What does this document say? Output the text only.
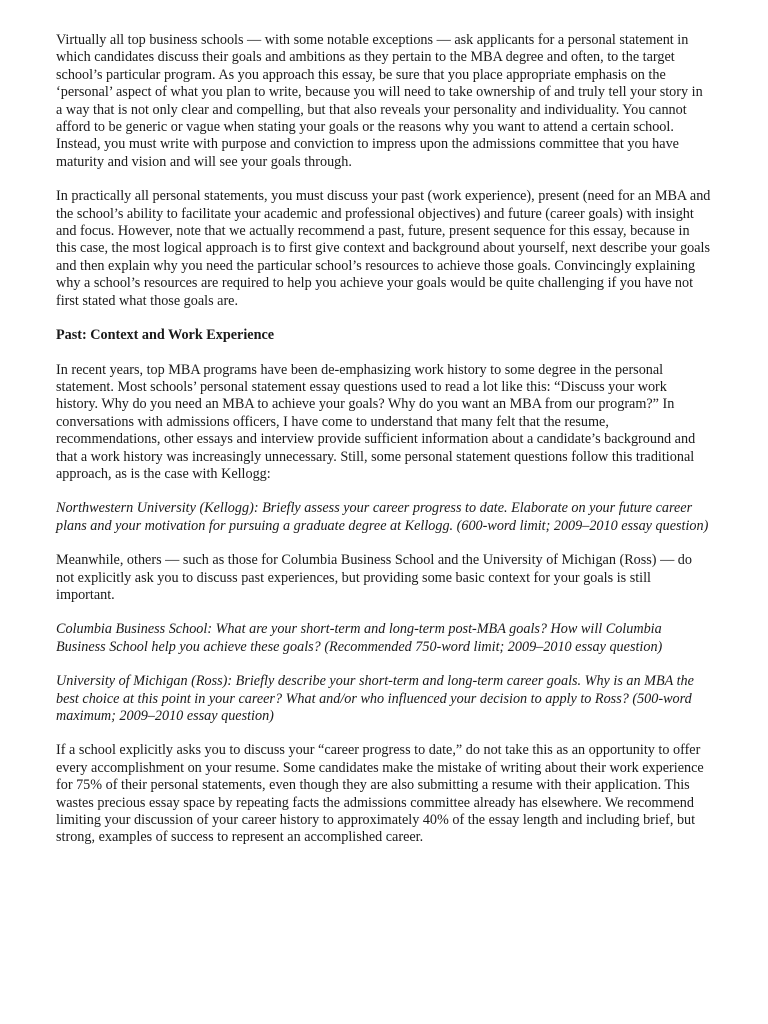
Virtually all top business schools — with some notable exceptions — ask applicants for a personal statement in which candidates discuss their goals and ambitions as they pertain to the MBA degree and often, to the target school’s particular program. As you approach this essay, be sure that you place appropriate emphasis on the ‘personal’ aspect of what you plan to write, because you will need to take ownership of and truly tell your story in a way that is not only clear and compelling, but that also reveals your personality and individuality. You cannot afford to be generic or vague when stating your goals or the reasons why you want to attend a certain school. Instead, you must write with purpose and conviction to impress upon the admissions committee that you have maturity and vision and will see your goals through.

In practically all personal statements, you must discuss your past (work experience), present (need for an MBA and the school’s ability to facilitate your academic and professional objectives) and future (career goals) with insight and focus. However, note that we actually recommend a past, future, present sequence for this essay, because in this case, the most logical approach is to first give context and background about yourself, next describe your goals and then explain why you need the particular school’s resources to achieve those goals. Convincingly explaining why a school’s resources are required to help you achieve your goals would be quite challenging if you have not first stated what those goals are.

Past: Context and Work Experience

In recent years, top MBA programs have been de-emphasizing work history to some degree in the personal statement. Most schools’ personal statement essay questions used to read a lot like this: “Discuss your work history. Why do you need an MBA to achieve your goals? Why do you want an MBA from our program?” In conversations with admissions officers, I have come to understand that many felt that the resume, recommendations, other essays and interview provide sufficient information about a candidate’s background and that a work history was increasingly unnecessary. Still, some personal statement questions follow this traditional approach, as is the case with Kellogg:

Northwestern University (Kellogg): Briefly assess your career progress to date. Elaborate on your future career plans and your motivation for pursuing a graduate degree at Kellogg. (600-word limit; 2009–2010 essay question)

Meanwhile, others — such as those for Columbia Business School and the University of Michigan (Ross) — do not explicitly ask you to discuss past experiences, but providing some basic context for your goals is still important.

Columbia Business School: What are your short-term and long-term post-MBA goals? How will Columbia Business School help you achieve these goals? (Recommended 750-word limit; 2009–2010 essay question)

University of Michigan (Ross): Briefly describe your short-term and long-term career goals. Why is an MBA the best choice at this point in your career? What and/or who influenced your decision to apply to Ross? (500-word maximum; 2009–2010 essay question)

If a school explicitly asks you to discuss your “career progress to date,” do not take this as an opportunity to offer every accomplishment on your resume. Some candidates make the mistake of writing about their work experience for 75% of their personal statements, even though they are also submitting a resume with their application. This wastes precious essay space by repeating facts the admissions committee already has elsewhere. We recommend limiting your discussion of your career history to approximately 40% of the essay length and including brief, but strong, examples of success to represent an accomplished career.
